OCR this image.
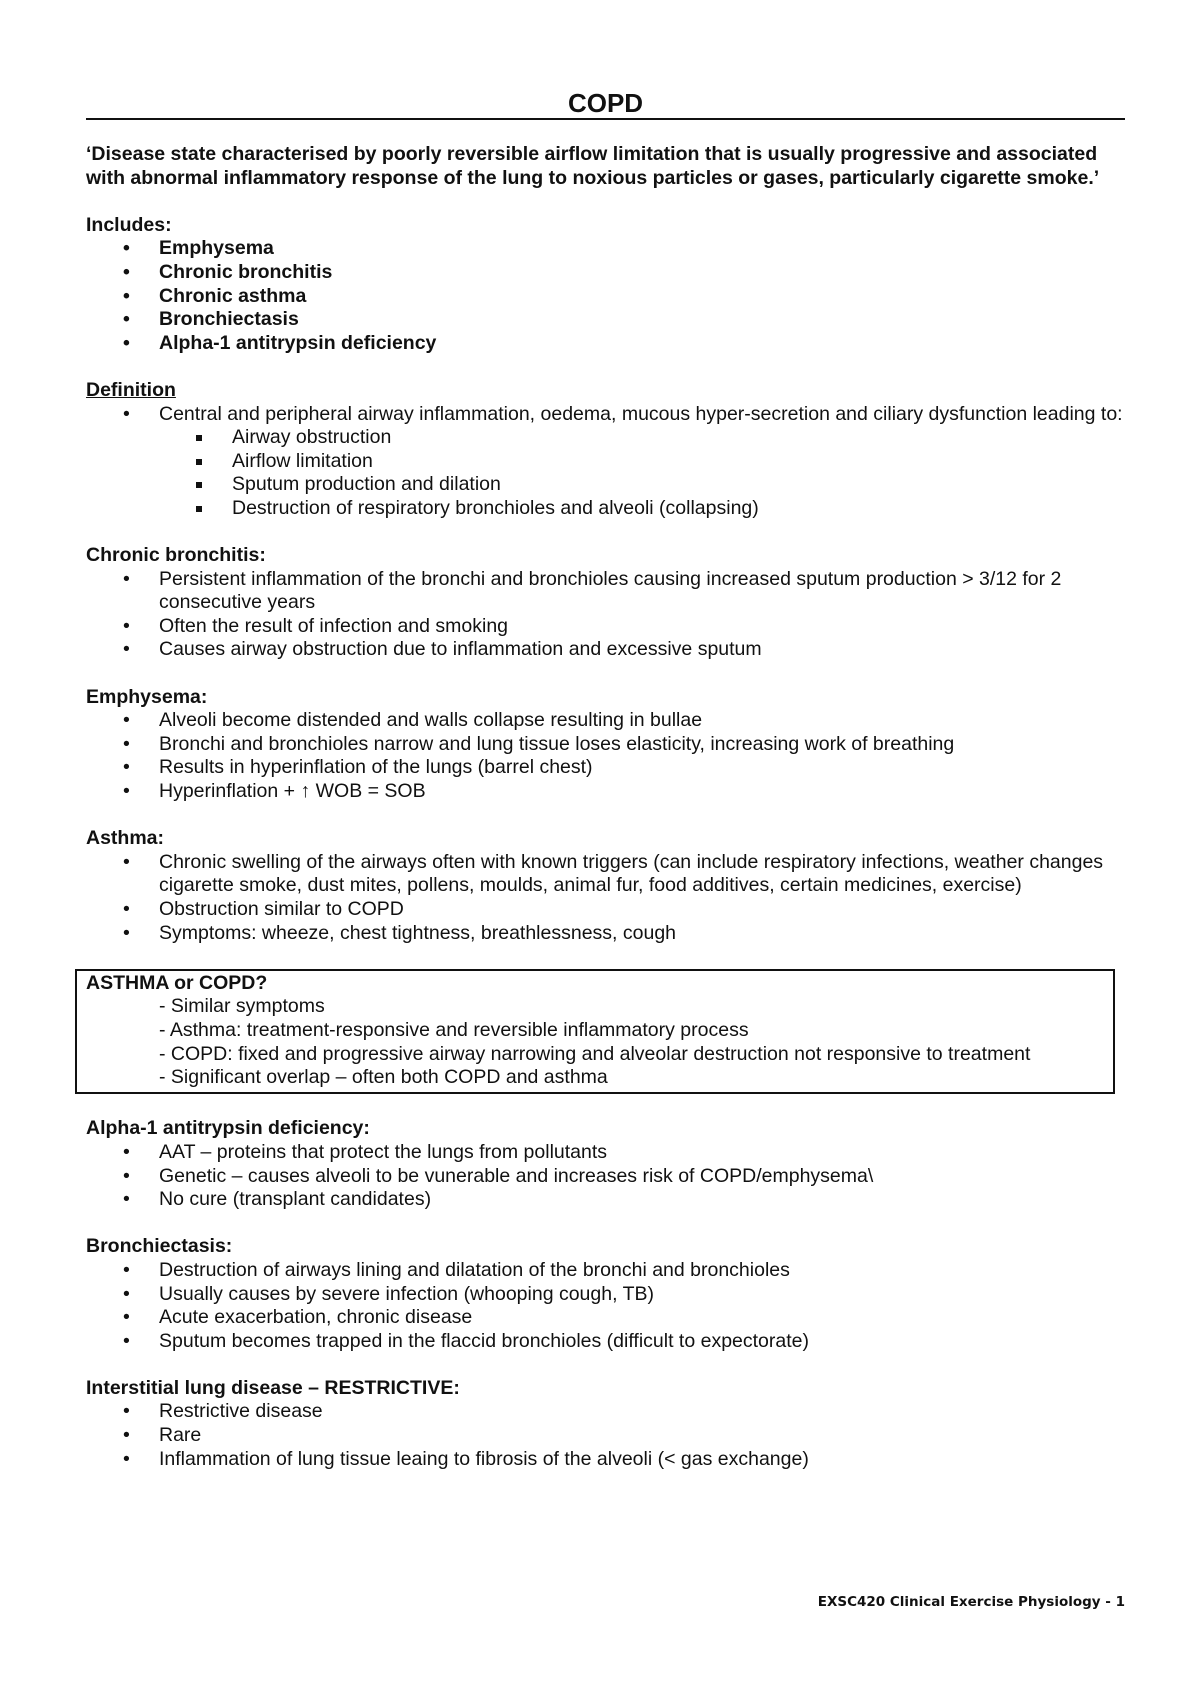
COPD
‘Disease state characterised by poorly reversible airflow limitation that is usually progressive and associated with abnormal inflammatory response of the lung to noxious particles or gases, particularly cigarette smoke.’
Includes:
• Emphysema
• Chronic bronchitis
• Chronic asthma
• Bronchiectasis
• Alpha-1 antitrypsin deficiency
Definition
• Central and peripheral airway inflammation, oedema, mucous hyper-secretion and ciliary dysfunction leading to:
Airway obstruction
Airflow limitation
Sputum production and dilation
Destruction of respiratory bronchioles and alveoli (collapsing)
Chronic bronchitis:
• Persistent inflammation of the bronchi and bronchioles causing increased sputum production > 3/12 for 2 consecutive years
• Often the result of infection and smoking
• Causes airway obstruction due to inflammation and excessive sputum
Emphysema:
• Alveoli become distended and walls collapse resulting in bullae
• Bronchi and bronchioles narrow and lung tissue loses elasticity, increasing work of breathing
• Results in hyperinflation of the lungs (barrel chest)
• Hyperinflation + ↑ WOB = SOB
Asthma:
• Chronic swelling of the airways often with known triggers (can include respiratory infections, weather changes cigarette smoke, dust mites, pollens, moulds, animal fur, food additives, certain medicines, exercise)
• Obstruction similar to COPD
• Symptoms: wheeze, chest tightness, breathlessness, cough
ASTHMA or COPD?
- Similar symptoms
- Asthma: treatment-responsive and reversible inflammatory process
- COPD: fixed and progressive airway narrowing and alveolar destruction not responsive to treatment
- Significant overlap – often both COPD and asthma
Alpha-1 antitrypsin deficiency:
• AAT – proteins that protect the lungs from pollutants
• Genetic – causes alveoli to be vunerable and increases risk of COPD/emphysema\
• No cure (transplant candidates)
Bronchiectasis:
• Destruction of airways lining and dilatation of the bronchi and bronchioles
• Usually causes by severe infection (whooping cough, TB)
• Acute exacerbation, chronic disease
• Sputum becomes trapped in the flaccid bronchioles (difficult to expectorate)
Interstitial lung disease – RESTRICTIVE:
• Restrictive disease
• Rare
• Inflammation of lung tissue leaing to fibrosis of the alveoli (< gas exchange)
EXSC420 Clinical Exercise Physiology - 1
